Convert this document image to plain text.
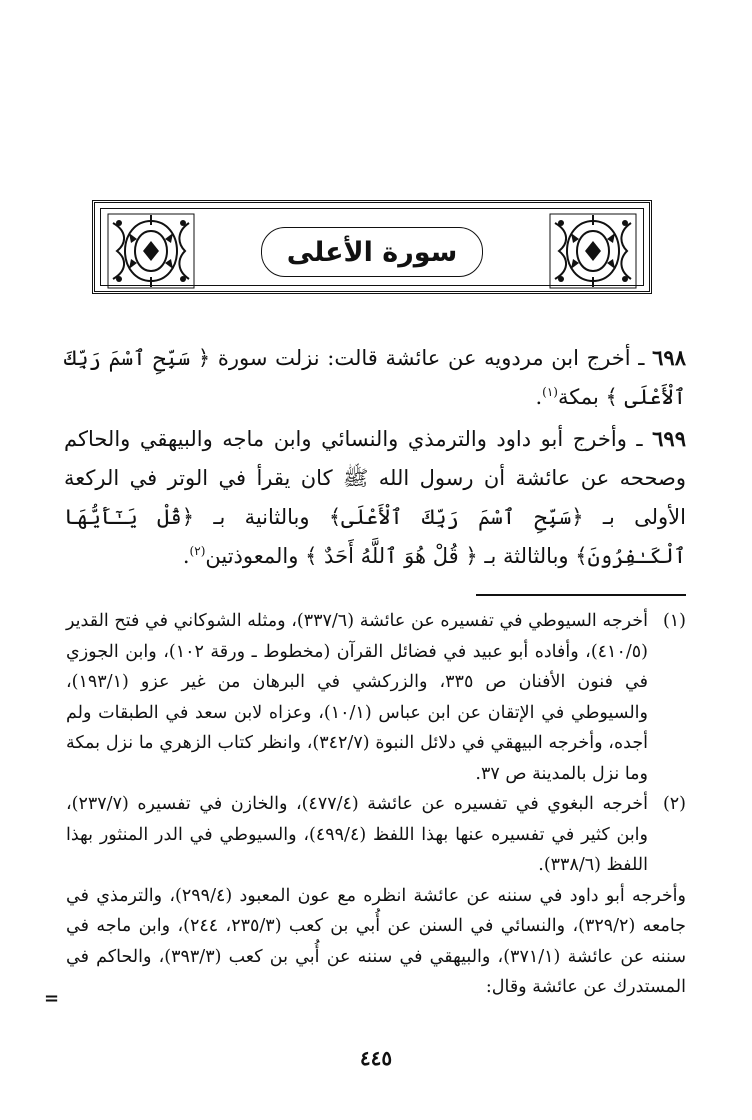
سورة الأعلى

٦٩٨ ـ أخرج ابن مردويه عن عائشة قالت: نزلت سورة ﴿ سَبِّحِ ٱسْمَ رَبِّكَ ٱلْأَعْلَى ﴾ بمكة$^{(١)}$.

٦٩٩ ـ وأخرج أبو داود والترمذي والنسائي وابن ماجه والبيهقي والحاكم وصححه عن عائشة أن رسول الله ﷺ كان يقرأ في الوتر في الركعة الأولى بـ ﴿سَبِّحِ ٱسْمَ رَبِّكَ ٱلْأَعْلَى﴾ وبالثانية بـ ﴿قُلْ يَـٰٓأَيُّهَا ٱلْكَـٰفِرُونَ﴾ وبالثالثة بـ ﴿ قُلْ هُوَ ٱللَّهُ أَحَدٌ ﴾ والمعوذتين$^{(٢)}$.

(١)
أخرجه السيوطي في تفسيره عن عائشة (٣٣٧/٦)، ومثله الشوكاني في فتح القدير (٤١٠/٥)، وأفاده أبو عبيد في فضائل القرآن (مخطوط ـ ورقة ١٠٢)، وابن الجوزي في فنون الأفنان ص ٣٣٥، والزركشي في البرهان من غير عزو (١٩٣/١)، والسيوطي في الإتقان عن ابن عباس (١٠/١)، وعزاه لابن سعد في الطبقات ولم أجده، وأخرجه البيهقي في دلائل النبوة (٣٤٢/٧)، وانظر كتاب الزهري ما نزل بمكة وما نزل بالمدينة ص ٣٧.
(٢)
أخرجه البغوي في تفسيره عن عائشة (٤٧٧/٤)، والخازن في تفسيره (٢٣٧/٧)، وابن كثير في تفسيره عنها بهذا اللفظ (٤٩٩/٤)، والسيوطي في الدر المنثور بهذا اللفظ (٣٣٨/٦).
وأخرجه أبو داود في سننه عن عائشة انظره مع عون المعبود (٢٩٩/٤)، والترمذي في جامعه (٣٢٩/٢)، والنسائي في السنن عن أُبي بن كعب (٢٣٥/٣، ٢٤٤)، وابن ماجه في سننه عن عائشة (٣٧١/١)، والبيهقي في سننه عن أُبي بن كعب (٣٩٣/٣)، والحاكم في المستدرك عن عائشة وقال:
=
٤٤٥
